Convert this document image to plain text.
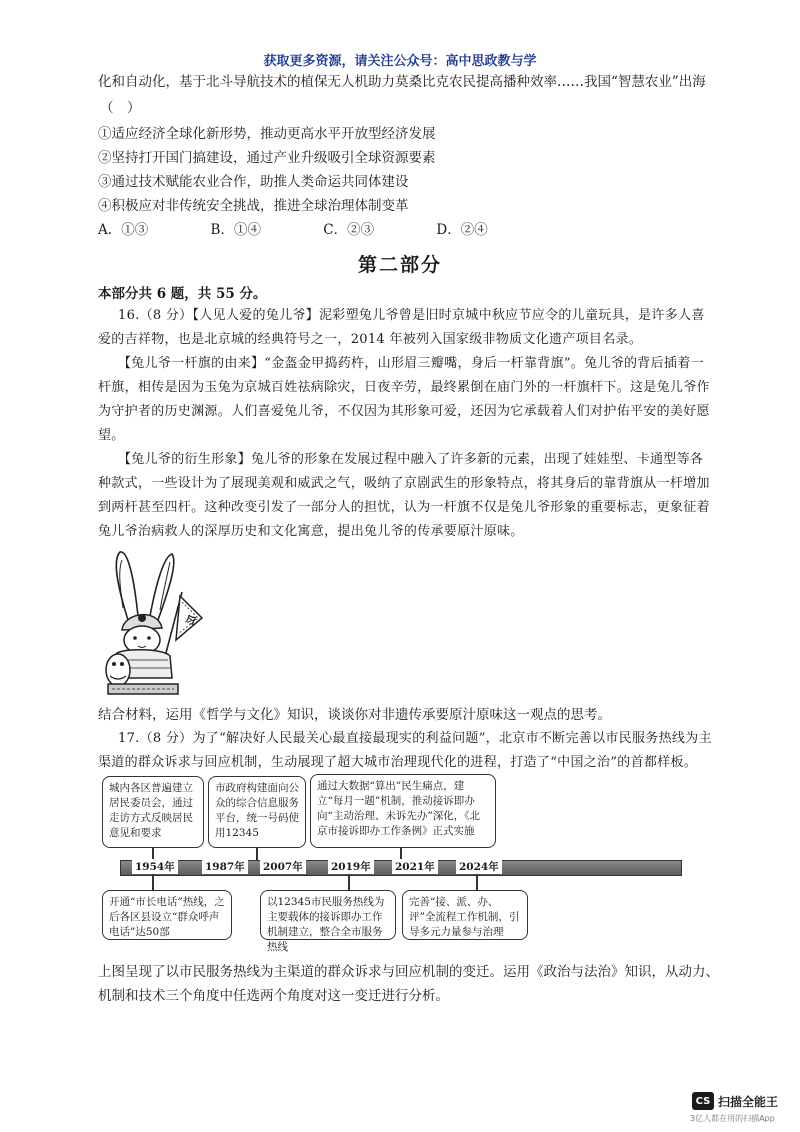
获取更多资源，请关注公众号：高中思政教与学
化和自动化，基于北斗导航技术的植保无人机助力莫桑比克农民提高播种效率……我国“智慧农业”出海
（　）
①适应经济全球化新形势，推动更高水平开放型经济发展
②坚持打开国门搞建设，通过产业升级吸引全球资源要素
③通过技术赋能农业合作，助推人类命运共同体建设
④积极应对非传统安全挑战，推进全球治理体制变革
A．①③	B．①④	C．②③	D．②④
第二部分
本部分共 6 题，共 55 分。
16.（8 分）【人见人爱的兔儿爷】泥彩塑兔儿爷曾是旧时京城中秋应节应令的儿童玩具，是许多人喜
爱的吉祥物，也是北京城的经典符号之一，2014 年被列入国家级非物质文化遗产项目名录。
【兔儿爷一杆旗的由来】“金盔金甲捣药杵，山形眉三瓣嘴，身后一杆靠背旗”。兔儿爷的背后插着一
杆旗，相传是因为玉兔为京城百姓祛病除灾，日夜辛劳，最终累倒在庙门外的一杆旗杆下。这是兔儿爷作
为守护者的历史渊源。人们喜爱兔儿爷，不仅因为其形象可爱，还因为它承载着人们对护佑平安的美好愿
望。
【兔儿爷的衍生形象】兔儿爷的形象在发展过程中融入了许多新的元素，出现了娃娃型、卡通型等各
种款式，一些设计为了展现美观和威武之气，吸纳了京剧武生的形象特点，将其身后的靠背旗从一杆增加
到两杆甚至四杆。这种改变引发了一部分人的担忧，认为一杆旗不仅是兔儿爷形象的重要标志，更象征着
兔儿爷治病救人的深厚历史和文化寓意，提出兔儿爷的传承要原汁原味。
令
结合材料，运用《哲学与文化》知识，谈谈你对非遗传承要原汁原味这一观点的思考。
17.（8 分）为了“解决好人民最关心最直接最现实的利益问题”，北京市不断完善以市民服务热线为主
渠道的群众诉求与回应机制，生动展现了超大城市治理现代化的进程，打造了“中国之治”的首都样板。
城内各区普遍建立居民委员会，通过走访方式反映居民意见和要求
市政府构建面向公众的综合信息服务平台，统一号码使用12345
通过大数据“算出”民生痛点，建立“每月一题”机制，推动接诉即办向“主动治理、未诉先办”深化，《北京市接诉即办工作条例》正式实施
1954年	1987年 2007年	2019年 2021年 2024年
开通“市长电话”热线，之后各区县设立“群众呼声电话”达50部
以12345市民服务热线为主要载体的接诉即办工作机制建立，整合全市服务热线
完善“接、派、办、评”全流程工作机制，引导多元力量参与治理
上图呈现了以市民服务热线为主渠道的群众诉求与回应机制的变迁。运用《政治与法治》知识，从动力、
机制和技术三个角度中任选两个角度对这一变迁进行分析。
CS 扫描全能王
3亿人都在用的扫描App
